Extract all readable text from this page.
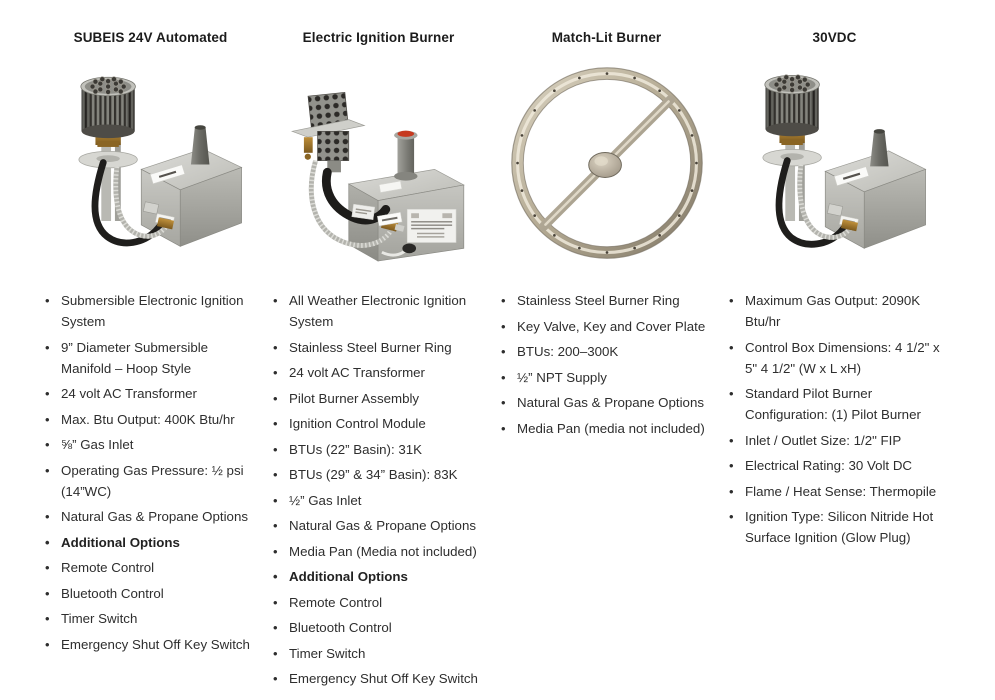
SUBEIS 24V Automated
• Submersible Electronic Ignition System
• 9” Diameter Submersible Manifold – Hoop Style
• 24 volt AC Transformer
• Max. Btu Output: 400K Btu/hr
• ⅝” Gas Inlet
• Operating Gas Pressure: ½ psi (14”WC)
• Natural Gas & Propane Options
• Additional Options
• Remote Control
• Bluetooth Control
• Timer Switch
• Emergency Shut Off Key Switch
Electric Ignition Burner
• All Weather Electronic Ignition System
• Stainless Steel Burner Ring
• 24 volt AC Transformer
• Pilot Burner Assembly
• Ignition Control Module
• BTUs (22” Basin): 31K
• BTUs (29” & 34” Basin): 83K
• ½” Gas Inlet
• Natural Gas & Propane Options
• Media Pan (Media not included)
• Additional Options
• Remote Control
• Bluetooth Control
• Timer Switch
• Emergency Shut Off Key Switch
Match-Lit Burner
• Stainless Steel Burner Ring
• Key Valve, Key and Cover Plate
• BTUs: 200–300K
• ½” NPT Supply
• Natural Gas & Propane Options
• Media Pan (media not included)
30VDC
• Maximum Gas Output: 2090K Btu/hr
• Control Box Dimensions: 4 1/2" x 5" 4 1/2" (W x L xH)
• Standard Pilot Burner Configuration: (1) Pilot Burner
• Inlet / Outlet Size: 1/2" FIP
• Electrical Rating: 30 Volt DC
• Flame / Heat Sense: Thermopile
• Ignition Type: Silicon Nitride Hot Surface Ignition (Glow Plug)
